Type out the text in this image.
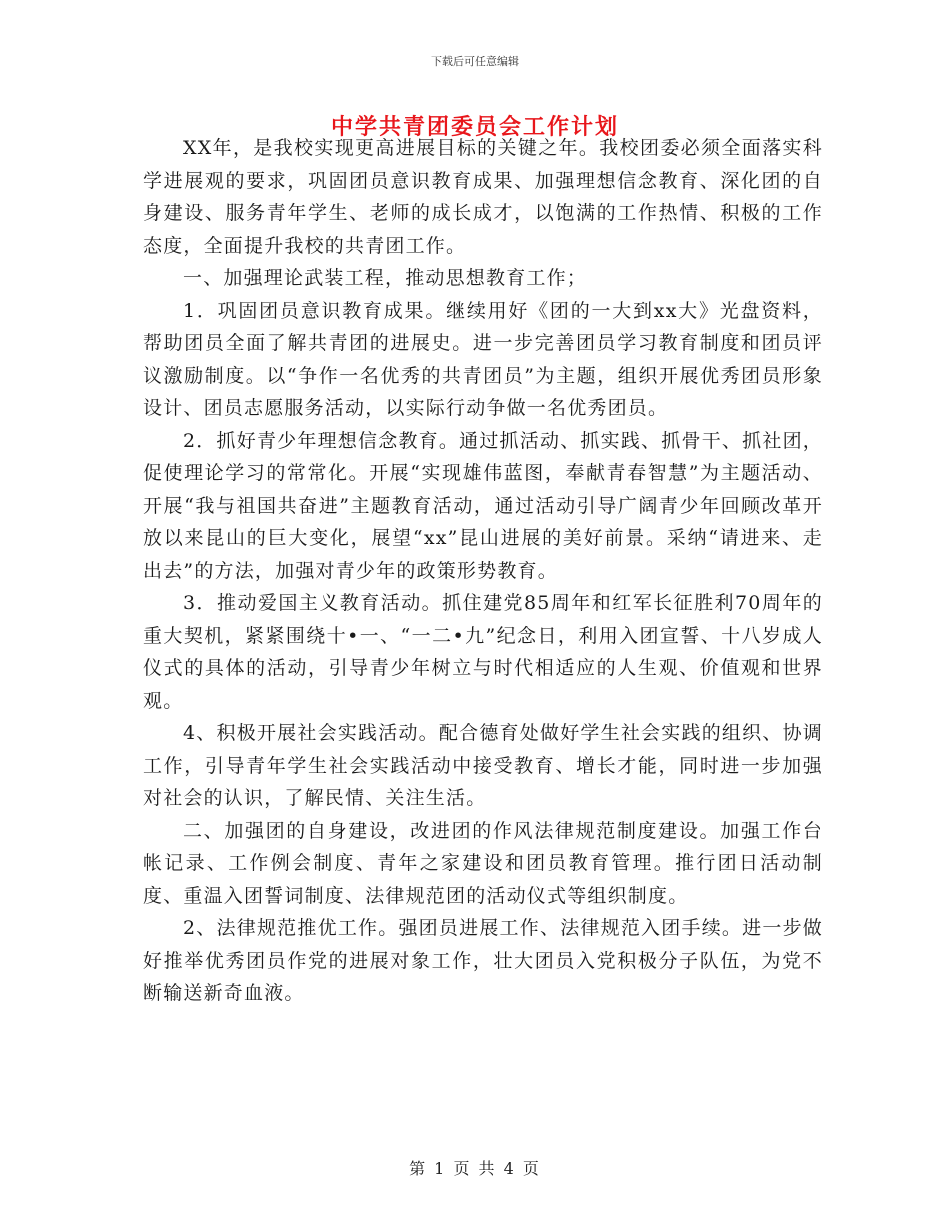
下载后可任意编辑
中学共青团委员会工作计划

XX年，是我校实现更高进展目标的关键之年。我校团委必须全面落实科学进展观的要求，巩固团员意识教育成果、加强理想信念教育、深化团的自身建设、服务青年学生、老师的成长成才，以饱满的工作热情、积极的工作态度，全面提升我校的共青团工作。

一、加强理论武装工程，推动思想教育工作；

1．巩固团员意识教育成果。继续用好《团的一大到xx大》光盘资料，帮助团员全面了解共青团的进展史。进一步完善团员学习教育制度和团员评议激励制度。以“争作一名优秀的共青团员”为主题，组织开展优秀团员形象设计、团员志愿服务活动，以实际行动争做一名优秀团员。

2．抓好青少年理想信念教育。通过抓活动、抓实践、抓骨干、抓社团，促使理论学习的常常化。开展“实现雄伟蓝图，奉献青春智慧”为主题活动、开展“我与祖国共奋进”主题教育活动，通过活动引导广阔青少年回顾改革开放以来昆山的巨大变化，展望“xx”昆山进展的美好前景。采纳“请进来、走出去”的方法，加强对青少年的政策形势教育。

3．推动爱国主义教育活动。抓住建党85周年和红军长征胜利70周年的重大契机，紧紧围绕十•一、“一二•九”纪念日，利用入团宣誓、十八岁成人仪式的具体的活动，引导青少年树立与时代相适应的人生观、价值观和世界观。

4、积极开展社会实践活动。配合德育处做好学生社会实践的组织、协调工作，引导青年学生社会实践活动中接受教育、增长才能，同时进一步加强对社会的认识，了解民情、关注生活。

二、加强团的自身建设，改进团的作风法律规范制度建设。加强工作台帐记录、工作例会制度、青年之家建设和团员教育管理。推行团日活动制度、重温入团誓词制度、法律规范团的活动仪式等组织制度。

2、法律规范推优工作。强团员进展工作、法律规范入团手续。进一步做好推举优秀团员作党的进展对象工作，壮大团员入党积极分子队伍，为党不断输送新奇血液。

第 1 页 共 4 页
